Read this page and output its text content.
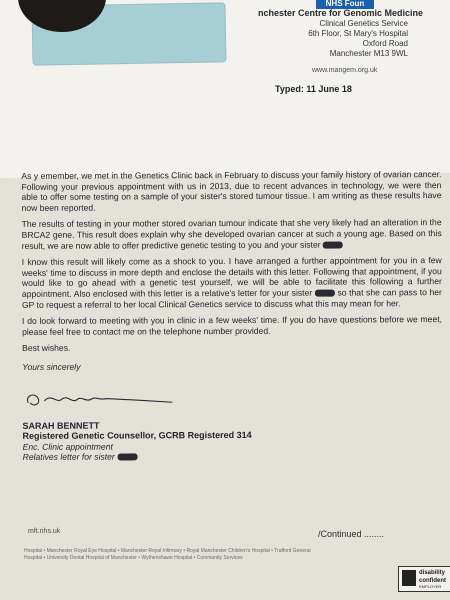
NHS Foun
nchester Centre for Genomic Medicine
Clinical Genetics Service
6th Floor, St Mary's Hospital
Oxford Road
Manchester M13 9WL
www.mangem.org.uk
Typed: 11 June 18

As y emember, we met in the Genetics Clinic back in February to discuss your family history of ovarian cancer. Following your previous appointment with us in 2013, due to recent advances in technology, we were then able to offer some testing on a sample of your sister's stored tumour tissue. I am writing as these results have now been reported.

The results of testing in your mother stored ovarian tumour indicate that she very likely had an alteration in the BRCA2 gene. This result does explain why she developed ovarian cancer at such a young age. Based on this result, we are now able to offer predictive genetic testing to you and your sister

I know this result will likely come as a shock to you. I have arranged a further appointment for you in a few weeks' time to discuss in more depth and enclose the details with this letter. Following that appointment, if you would like to go ahead with a genetic test yourself, we will be able to facilitate this following a further appointment. Also enclosed with this letter is a relative's letter for your sister	so that she can pass to her GP to request a referral to her local Clinical Genetics service to discuss what this may mean for her.

I do look forward to meeting with you in clinic in a few weeks' time. If you do have questions before we meet, please feel free to contact me on the telephone number provided.

Best wishes.
Yours sincerely
SARAH BENNETT
Registered Genetic Counsellor, GCRB Registered 314
Enc. Clinic appointment
Relatives letter for sister
mft.nhs.uk	/Continued ........
Hospital • Manchester Royal Eye Hospital • Manchester Royal Infirmary • Royal Manchester Children's Hospital • Trafford General Hospital • University Dental Hospital of Manchester • Wythenshawe Hospital • Community Services
disability confident
EMPLOYER
